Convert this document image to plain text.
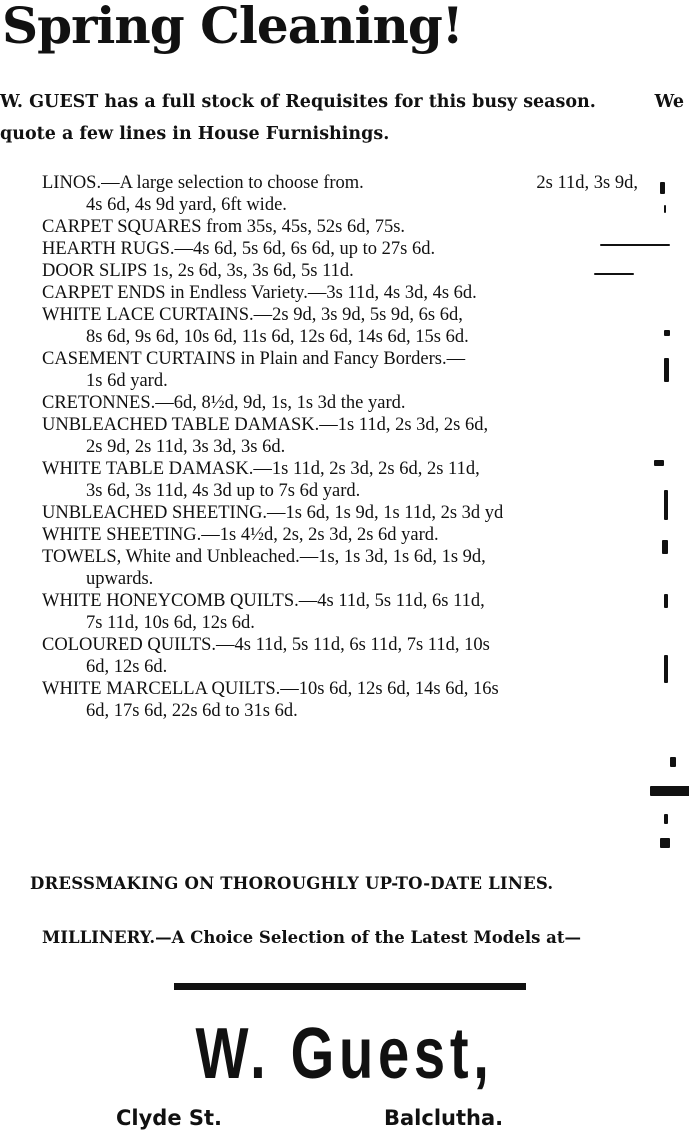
Spring Cleaning!
W. GUEST has a full stock of Requisites for this busy season.	We
quote a few lines in House Furnishings.
LINOS.—A large selection to choose from.	2s 11d, 3s 9d,
4s 6d, 4s 9d yard, 6ft wide.
CARPET SQUARES from 35s, 45s, 52s 6d, 75s.
HEARTH RUGS.—4s 6d, 5s 6d, 6s 6d, up to 27s 6d.
DOOR SLIPS 1s, 2s 6d, 3s, 3s 6d, 5s 11d.
CARPET ENDS in Endless Variety.—3s 11d, 4s 3d, 4s 6d.
WHITE LACE CURTAINS.—2s 9d, 3s 9d, 5s 9d, 6s 6d,
8s 6d, 9s 6d, 10s 6d, 11s 6d, 12s 6d, 14s 6d, 15s 6d.
CASEMENT CURTAINS in Plain and Fancy Borders.—
1s 6d yard.
CRETONNES.—6d, 8½d, 9d, 1s, 1s 3d the yard.
UNBLEACHED TABLE DAMASK.—1s 11d, 2s 3d, 2s 6d,
2s 9d, 2s 11d, 3s 3d, 3s 6d.
WHITE TABLE DAMASK.—1s 11d, 2s 3d, 2s 6d, 2s 11d,
3s 6d, 3s 11d, 4s 3d up to 7s 6d yard.
UNBLEACHED SHEETING.—1s 6d, 1s 9d, 1s 11d, 2s 3d yd
WHITE SHEETING.—1s 4½d, 2s, 2s 3d, 2s 6d yard.
TOWELS, White and Unbleached.—1s, 1s 3d, 1s 6d, 1s 9d,
upwards.
WHITE HONEYCOMB QUILTS.—4s 11d, 5s 11d, 6s 11d,
7s 11d, 10s 6d, 12s 6d.
COLOURED QUILTS.—4s 11d, 5s 11d, 6s 11d, 7s 11d, 10s
6d, 12s 6d.
WHITE MARCELLA QUILTS.—10s 6d, 12s 6d, 14s 6d, 16s
6d, 17s 6d, 22s 6d to 31s 6d.
DRESSMAKING ON THOROUGHLY UP-TO-DATE LINES.
MILLINERY.—A Choice Selection of the Latest Models at—
W. Guest,
Clyde St.	Balclutha.
